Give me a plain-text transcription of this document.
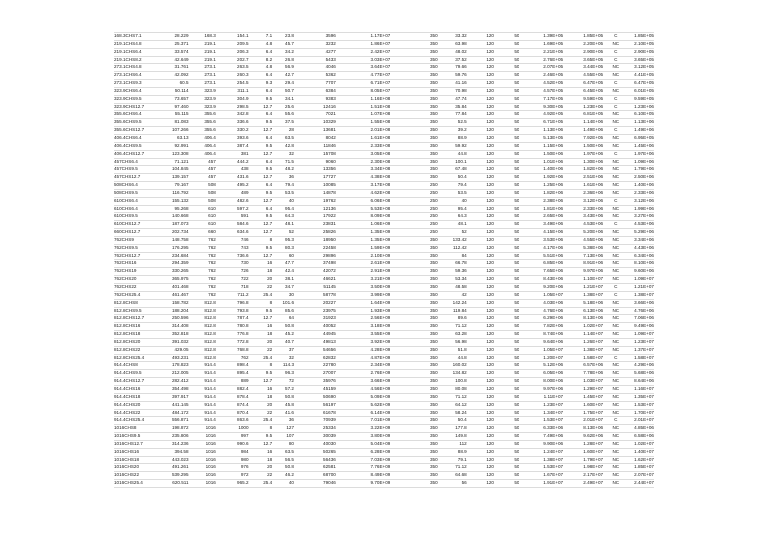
168.3CHS7.1	28.229	168.3	154.1	7.1	23.8	3596	1.17E+07	350	33.32	120	50	1.39E+05	1.85E+05	C	1.85E+05
219.1CHS4.8	25.371	219.1	209.5	4.8	45.7	3232	1.86E+07	350	63.98	120	50	1.69E+05	2.20E+05	NC	2.10E+05
219.1CHS6.4	33.574	219.1	206.3	6.4	34.2	4277	2.42E+07	350	48.02	120	50	2.21E+05	2.90E+05	C	2.90E+05
219.1CHS8.2	42.649	219.1	202.7	8.2	26.8	5433	3.03E+07	350	37.52	120	50	2.76E+05	3.65E+05	C	3.65E+05
273.1CHS4.8	31.761	273.1	263.5	4.8	56.9	4046	3.64E+07	350	79.66	120	50	2.07E+05	3.44E+05	NC	3.12E+05
273.1CHS6.4	42.092	273.1	260.3	6.4	42.7	5362	4.77E+07	350	59.76	120	50	2.46E+05	4.55E+05	NC	4.41E+05
273.1CHS9.3	60.5	273.1	254.5	9.3	29.4	7707	6.71E+07	350	41.16	120	50	4.52E+05	6.47E+05	C	6.47E+05
323.9CHS6.4	50.114	323.9	311.1	6.4	50.7	6384	8.05E+07	350	70.98	120	50	4.57E+05	6.45E+05	NC	6.01E+05
323.9CHS9.5	73.657	323.9	304.9	9.5	34.1	9383	1.16E+08	350	47.74	120	50	7.17E+05	9.59E+05	C	9.59E+05
323.9CHS12.7	97.460	323.9	298.5	12.7	25.6	12416	1.51E+08	350	35.84	120	50	9.30E+05	1.23E+06	C	1.23E+06
355.6CHS6.4	55.115	355.6	342.8	6.4	55.6	7021	1.07E+08	350	77.84	120	50	4.92E+05	6.81E+05	NC	6.10E+05
355.6CHS9.5	81.083	355.6	336.6	9.5	37.5	10329	1.55E+08	350	52.5	120	50	6.71E+05	1.14E+06	NC	1.13E+06
355.6CHS12.7	107.266	355.6	330.2	12.7	28	13681	2.01E+08	350	39.2	120	50	1.13E+06	1.49E+06	C	1.49E+06
406.4CHS6.4	63.13	406.4	393.6	6.4	63.5	8042	1.61E+08	350	88.9	120	50	5.13E+05	7.92E+05	NC	6.95E+05
406.4CHS9.5	92.991	406.4	387.4	9.5	42.8	11846	2.33E+08	350	59.92	120	50	1.15E+06	1.50E+06	NC	1.45E+06
406.4CHS12.7	123.308	406.4	381	12.7	32	15708	3.05E+08	350	44.8	120	50	1.50E+06	1.97E+06	C	1.97E+06
457CHS6.4	71.121	457	444.2	6.4	71.5	9060	2.30E+08	350	100.1	120	50	1.01E+06	1.30E+06	NC	1.09E+06
457CHS9.5	104.845	457	438	9.5	48.2	13356	3.34E+08	350	67.48	120	50	1.40E+06	1.82E+06	NC	1.79E+06
457CHS12.7	139.157	457	431.6	12.7	36	17727	4.38E+08	350	50.4	120	50	1.92E+06	2.51E+06	NC	2.50E+06
508CHS6.4	79.167	508	495.2	6.4	79.4	10085	3.17E+08	250	79.4	120	50	1.25E+06	1.61E+06	NC	1.40E+06
508CHS9.5	116.792	508	489	9.5	53.5	14878	4.62E+08	250	53.5	120	50	1.82E+06	2.36E+06	NC	2.33E+06
610CHS6.4	155.132	508	482.6	12.7	40	19762	6.06E+08	250	40	120	50	2.38E+06	3.12E+06	C	3.12E+06
610CHS6.4	95.268	610	597.2	6.4	95.4	12136	5.53E+08	250	95.4	120	50	1.81E+06	2.33E+06	NC	1.99E+06
610CHS9.5	140.668	610	591	9.5	64.3	17922	8.09E+08	250	64.3	120	50	2.65E+06	3.43E+06	NC	3.27E+06
610CHS12.7	187.073	610	584.6	12.7	48.1	23831	1.06E+09	250	48.1	120	50	3.49E+06	4.53E+06	C	4.53E+06
660CHS12.7	202.734	660	634.6	12.7	52	25826	1.35E+09	250	52	120	50	4.15E+06	5.20E+06	NC	5.29E+06
762CHS9	148.758	762	746	8	95.3	18950	1.35E+09	350	133.42	120	50	3.53E+06	4.55E+06	NC	3.34E+06
762CHS9.5	176.295	762	743	9.5	80.3	22458	1.59E+09	350	112.42	120	50	4.17E+06	5.38E+06	NC	4.43E+06
762CHS12.7	234.684	762	736.6	12.7	60	29896	2.10E+09	350	84	120	50	5.51E+06	7.13E+06	NC	6.34E+06
762CHS16	294.359	762	730	16	47.7	37498	2.61E+09	350	66.78	120	50	6.85E+06	8.91E+06	NC	8.10E+06
762CHS19	330.265	762	726	18	42.4	42072	2.91E+09	350	59.36	120	50	7.65E+06	9.97E+06	NC	9.60E+06
762CHS20	365.975	762	722	20	38.1	46621	3.21E+09	350	53.34	120	50	8.43E+06	1.10E+07	NC	1.09E+07
762CHS22	401.468	762	718	22	34.7	51145	3.50E+09	350	48.58	120	50	9.20E+06	1.21E+07	C	1.21E+07
762CHS25.4	461.467	762	711.2	25.4	30	58778	3.99E+09	350	42	120	50	1.05E+07	1.38E+07	C	1.38E+07
812.8CHS8	158.782	812.8	796.8	8	101.6	20227	1.64E+09	350	142.24	120	50	4.03E+06	5.18E+06	NC	3.66E+06
812.8CHS9.5	188.204	812.8	793.8	9.5	85.6	23975	1.93E+09	350	119.84	120	50	4.76E+06	6.13E+06	NC	4.76E+06
812.8CHS12.7	250.596	812.8	787.4	12.7	64	31923	2.56E+09	350	89.6	120	50	6.29E+06	8.13E+06	NC	7.06E+06
812.8CHS16	314.408	812.8	780.8	16	50.8	40052	3.18E+09	350	71.12	120	50	7.82E+06	1.02E+07	NC	9.49E+06
812.8CHS18	352.818	812.8	776.8	18	45.2	44945	3.55E+09	350	63.28	120	50	8.74E+06	1.14E+07	NC	1.09E+07
812.8CHS20	391.032	812.8	772.8	20	40.7	49813	3.92E+09	350	56.98	120	50	9.64E+06	1.26E+07	NC	1.23E+07
812.8CHS22	429.05	812.8	768.8	22	37	54656	4.28E+09	350	51.8	120	50	1.05E+07	1.38E+07	NC	1.37E+07
812.8CHS25.4	493.231	812.8	762	25.4	32	62832	4.87E+09	350	44.8	120	50	1.20E+07	1.58E+07	C	1.58E+07
914.4CHS8	178.823	914.4	898.4	8	114.3	22780	2.34E+09	350	160.02	120	50	5.12E+06	6.57E+06	NC	4.29E+06
914.4CHS9.5	212.005	914.4	895.4	9.5	96.3	27007	2.76E+09	350	134.82	120	50	6.05E+06	7.78E+06	NC	5.68E+06
914.4CHS12.7	282.412	914.4	889	12.7	72	35976	3.66E+09	350	100.8	120	50	8.00E+06	1.03E+07	NC	8.64E+06
914.4CHS16	354.498	914.4	882.4	16	57.2	45159	4.56E+09	350	80.08	120	50	9.97E+06	1.29E+07	NC	1.16E+07
914.4CHS18	397.917	914.4	878.4	18	50.8	50690	5.09E+09	350	71.12	120	50	1.11E+07	1.45E+07	NC	1.35E+07
914.4CHS20	441.145	914.4	874.4	20	45.8	56197	5.62E+09	350	64.12	120	50	1.23E+07	1.60E+07	NC	1.53E+07
914.4CHS22	484.172	914.4	870.4	22	41.6	61678	6.14E+09	350	58.24	120	50	1.34E+07	1.75E+07	NC	1.70E+07
914.4CHS25.4	556.871	914.4	863.6	25.4	36	70939	7.01E+09	350	50.4	120	50	1.53E+07	2.01E+07	C	2.01E+07
1016CHS8	198.872	1016	1000	8	127	25334	3.22E+09	350	177.8	120	50	6.33E+06	8.13E+06	NC	4.85E+06
1016CHS9.5	235.806	1016	997	9.5	107	30039	3.80E+09	350	149.8	120	50	7.49E+06	9.62E+06	NC	6.58E+06
1016CHS12.7	314.236	1016	990.6	12.7	80	40030	5.04E+09	350	112	120	50	9.90E+06	1.28E+07	NC	1.02E+07
1016CHS16	394.58	1016	984	16	63.5	50265	6.28E+09	350	88.9	120	50	1.24E+07	1.60E+07	NC	1.40E+07
1016CHS18	443.023	1016	980	18	56.5	56436	7.03E+09	350	79.1	120	50	1.38E+07	1.79E+07	NC	1.62E+07
1016CHS20	491.261	1016	976	20	50.8	62581	7.76E+09	350	71.12	120	50	1.53E+07	1.98E+07	NC	1.85E+07
1016CHS22	539.295	1016	972	22	46.2	68700	8.49E+09	350	64.68	120	50	1.67E+07	2.17E+07	NC	2.07E+07
1016CHS25.4	620.511	1016	965.2	25.4	40	79046	9.70E+09	350	56	120	50	1.91E+07	2.49E+07	NC	2.44E+07
